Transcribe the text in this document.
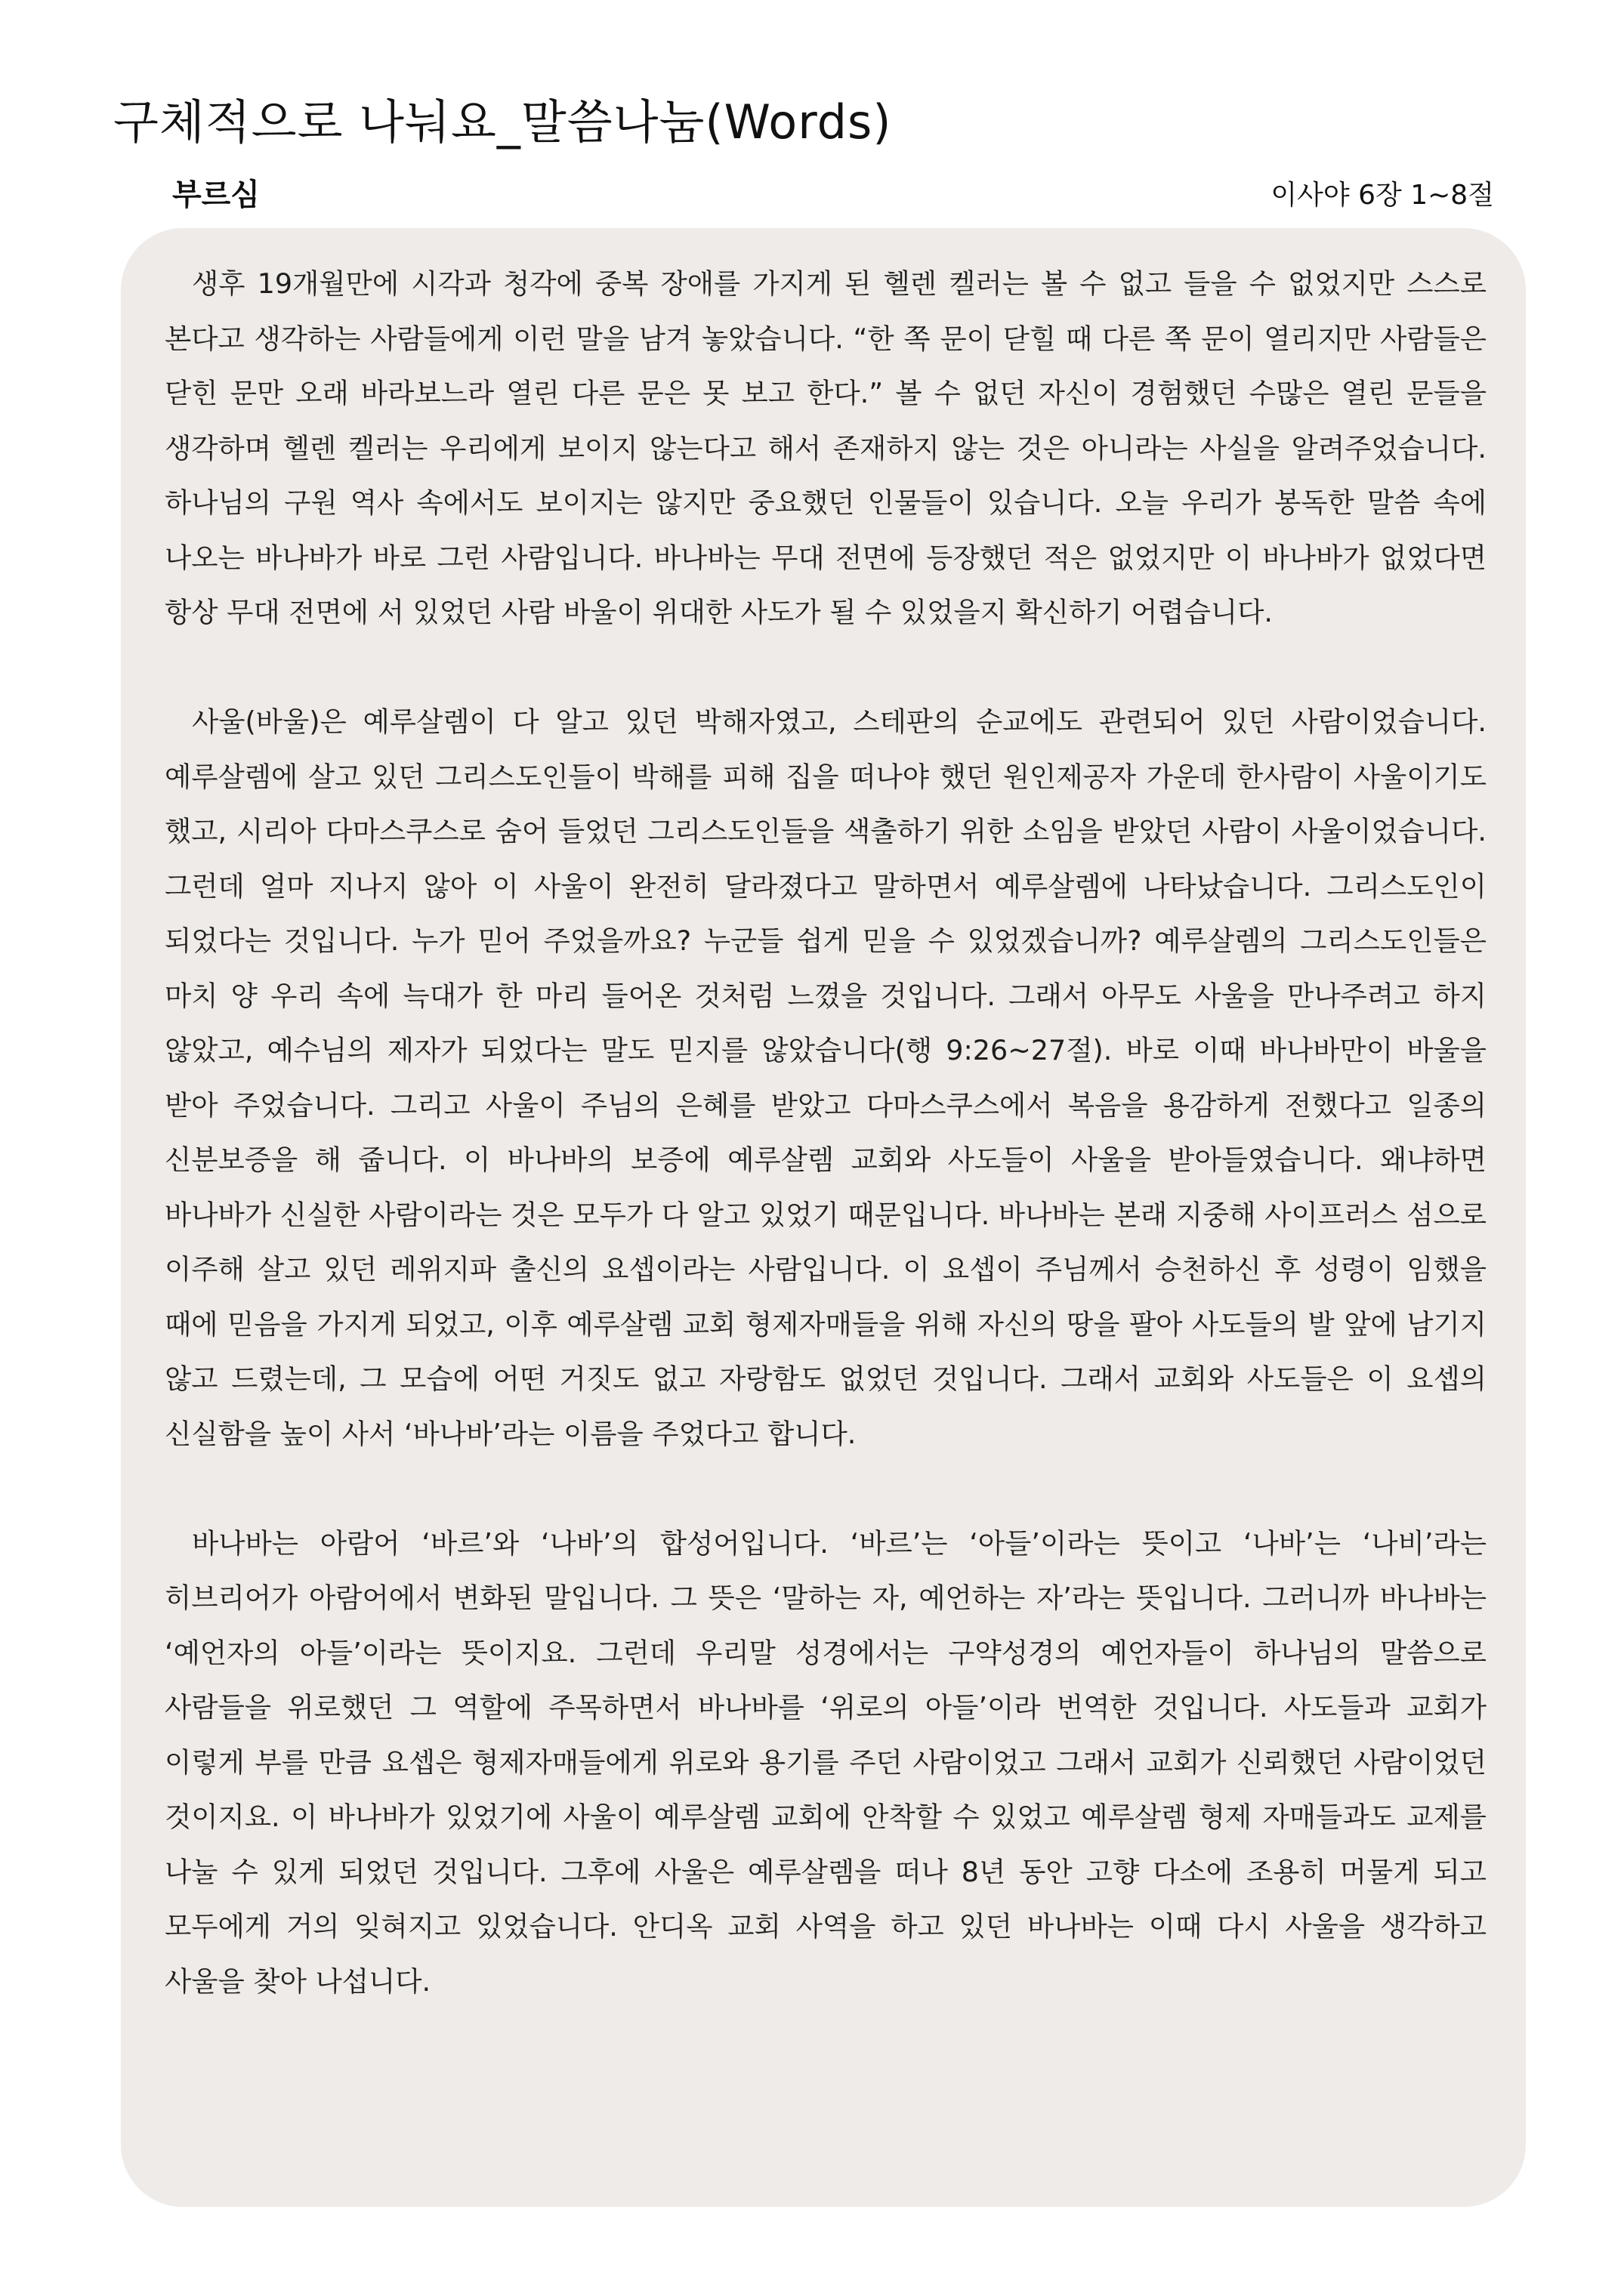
구체적으로 나눠요_말씀나눔(Words)
부르심	이사야 6장 1~8절

생후 19개월만에 시각과 청각에 중복 장애를 가지게 된 헬렌 켈러는 볼 수 없고 들을 수 없었지만 스스로 본다고 생각하는 사람들에게 이런 말을 남겨 놓았습니다. “한 쪽 문이 닫힐 때 다른 쪽 문이 열리지만 사람들은 닫힌 문만 오래 바라보느라 열린 다른 문은 못 보고 한다.” 볼 수 없던 자신이 경험했던 수많은 열린 문들을 생각하며 헬렌 켈러는 우리에게 보이지 않는다고 해서 존재하지 않는 것은 아니라는 사실을 알려주었습니다. 하나님의 구원 역사 속에서도 보이지는 않지만 중요했던 인물들이 있습니다. 오늘 우리가 봉독한 말씀 속에 나오는 바나바가 바로 그런 사람입니다. 바나바는 무대 전면에 등장했던 적은 없었지만 이 바나바가 없었다면 항상 무대 전면에 서 있었던 사람 바울이 위대한 사도가 될 수 있었을지 확신하기 어렵습니다.

사울(바울)은 예루살렘이 다 알고 있던 박해자였고, 스테판의 순교에도 관련되어 있던 사람이었습니다. 예루살렘에 살고 있던 그리스도인들이 박해를 피해 집을 떠나야 했던 원인제공자 가운데 한사람이 사울이기도 했고, 시리아 다마스쿠스로 숨어 들었던 그리스도인들을 색출하기 위한 소임을 받았던 사람이 사울이었습니다. 그런데 얼마 지나지 않아 이 사울이 완전히 달라졌다고 말하면서 예루살렘에 나타났습니다. 그리스도인이 되었다는 것입니다. 누가 믿어 주었을까요? 누군들 쉽게 믿을 수 있었겠습니까? 예루살렘의 그리스도인들은 마치 양 우리 속에 늑대가 한 마리 들어온 것처럼 느꼈을 것입니다. 그래서 아무도 사울을 만나주려고 하지 않았고, 예수님의 제자가 되었다는 말도 믿지를 않았습니다(행 9:26~27절). 바로 이때 바나바만이 바울을 받아 주었습니다. 그리고 사울이 주님의 은혜를 받았고 다마스쿠스에서 복음을 용감하게 전했다고 일종의 신분보증을 해 줍니다. 이 바나바의 보증에 예루살렘 교회와 사도들이 사울을 받아들였습니다. 왜냐하면 바나바가 신실한 사람이라는 것은 모두가 다 알고 있었기 때문입니다. 바나바는 본래 지중해 사이프러스 섬으로 이주해 살고 있던 레위지파 출신의 요셉이라는 사람입니다. 이 요셉이 주님께서 승천하신 후 성령이 임했을 때에 믿음을 가지게 되었고, 이후 예루살렘 교회 형제자매들을 위해 자신의 땅을 팔아 사도들의 발 앞에 남기지 않고 드렸는데, 그 모습에 어떤 거짓도 없고 자랑함도 없었던 것입니다. 그래서 교회와 사도들은 이 요셉의 신실함을 높이 사서 ‘바나바’라는 이름을 주었다고 합니다.

바나바는 아람어 ‘바르’와 ‘나바’의 합성어입니다. ‘바르’는 ‘아들’이라는 뜻이고 ‘나바’는 ‘나비’라는 히브리어가 아람어에서 변화된 말입니다. 그 뜻은 ‘말하는 자, 예언하는 자’라는 뜻입니다. 그러니까 바나바는 ‘예언자의 아들’이라는 뜻이지요. 그런데 우리말 성경에서는 구약성경의 예언자들이 하나님의 말씀으로 사람들을 위로했던 그 역할에 주목하면서 바나바를 ‘위로의 아들’이라 번역한 것입니다. 사도들과 교회가 이렇게 부를 만큼 요셉은 형제자매들에게 위로와 용기를 주던 사람이었고 그래서 교회가 신뢰했던 사람이었던 것이지요. 이 바나바가 있었기에 사울이 예루살렘 교회에 안착할 수 있었고 예루살렘 형제 자매들과도 교제를 나눌 수 있게 되었던 것입니다. 그후에 사울은 예루살렘을 떠나 8년 동안 고향 다소에 조용히 머물게 되고 모두에게 거의 잊혀지고 있었습니다. 안디옥 교회 사역을 하고 있던 바나바는 이때 다시 사울을 생각하고 사울을 찾아 나섭니다.
